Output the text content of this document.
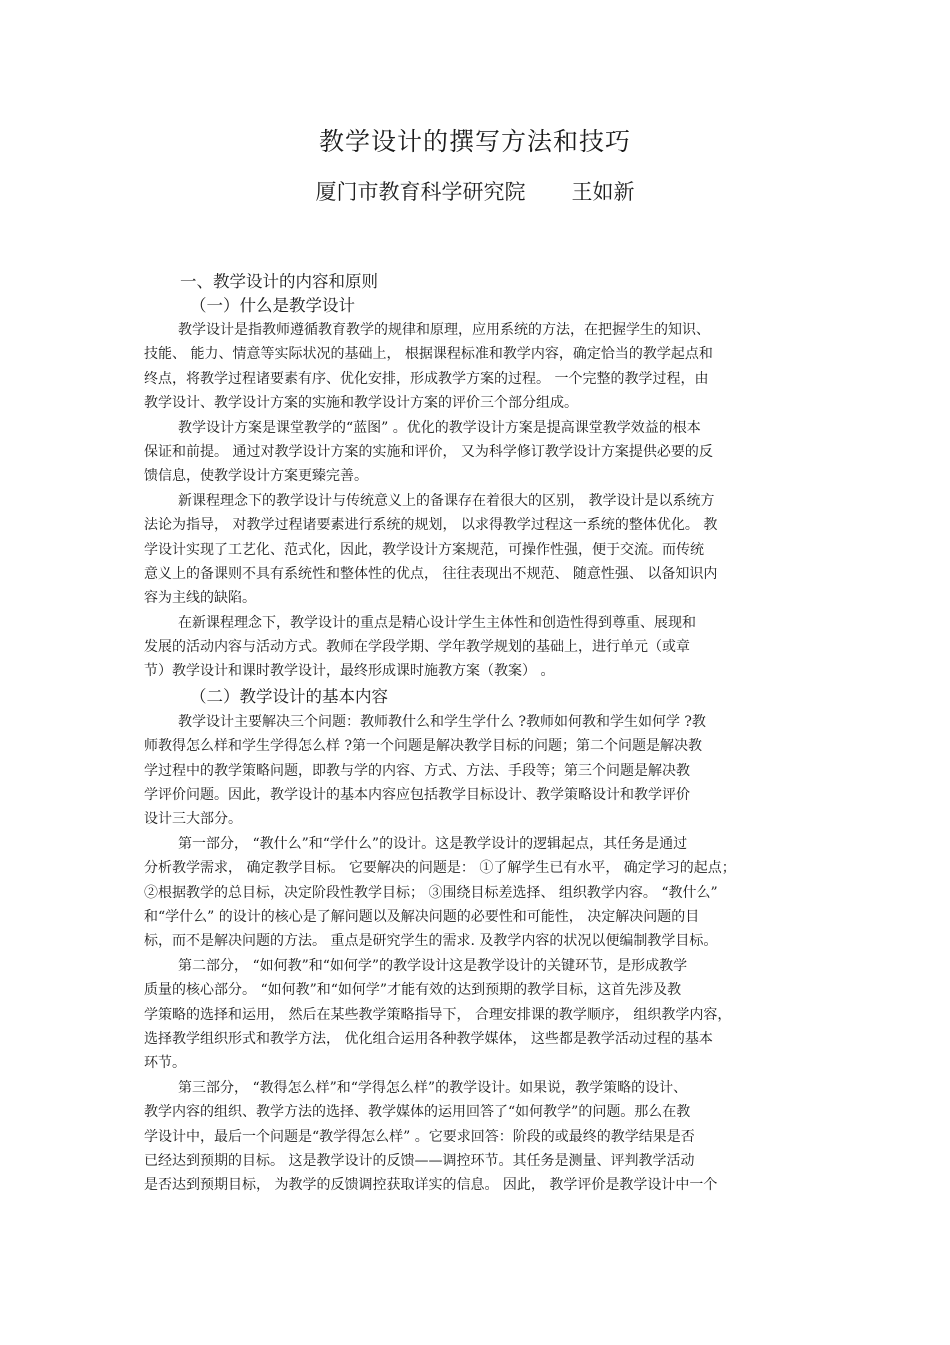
教学设计的撰写方法和技巧
厦门市教育科学研究院 王如新
一、教学设计的内容和原则
（一）什么是教学设计
教学设计是指教师遵循教育教学的规律和原理，应用系统的方法，在把握学生的知识、
技能、 能力、情意等实际状况的基础上， 根据课程标准和教学内容，确定恰当的教学起点和
终点，将教学过程诸要素有序、优化安排，形成教学方案的过程。 一个完整的教学过程，由
教学设计、教学设计方案的实施和教学设计方案的评价三个部分组成。
教学设计方案是课堂教学的“蓝图” 。优化的教学设计方案是提高课堂教学效益的根本
保证和前提。 通过对教学设计方案的实施和评价， 又为科学修订教学设计方案提供必要的反
馈信息，使教学设计方案更臻完善。
新课程理念下的教学设计与传统意义上的备课存在着很大的区别， 教学设计是以系统方
法论为指导， 对教学过程诸要素进行系统的规划， 以求得教学过程这一系统的整体优化。 教
学设计实现了工艺化、范式化，因此，教学设计方案规范，可操作性强，便于交流。而传统
意义上的备课则不具有系统性和整体性的优点， 往往表现出不规范、 随意性强、 以备知识内
容为主线的缺陷。
在新课程理念下，教学设计的重点是精心设计学生主体性和创造性得到尊重、展现和
发展的活动内容与活动方式。教师在学段学期、学年教学规划的基础上，进行单元（或章
节）教学设计和课时教学设计，最终形成课时施教方案（教案） 。
（二）教学设计的基本内容
教学设计主要解决三个问题：教师教什么和学生学什么 ?教师如何教和学生如何学 ?教
师教得怎么样和学生学得怎么样 ?第一个问题是解决教学目标的问题；第二个问题是解决教
学过程中的教学策略问题，即教与学的内容、方式、方法、手段等；第三个问题是解决教
学评价问题。因此，教学设计的基本内容应包括教学目标设计、教学策略设计和教学评价
设计三大部分。
第一部分， “教什么”和“学什么”的设计。这是教学设计的逻辑起点，其任务是通过
分析教学需求， 确定教学目标。 它要解决的问题是： ①了解学生已有水平， 确定学习的起点；
②根据教学的总目标，决定阶段性教学目标； ③围绕目标差选择、 组织教学内容。 “教什么”
和“学什么” 的设计的核心是了解问题以及解决问题的必要性和可能性， 决定解决问题的目
标，而不是解决问题的方法。 重点是研究学生的需求. 及教学内容的状况以便编制教学目标。
第二部分， “如何教”和“如何学”的教学设计这是教学设计的关键环节，是形成教学
质量的核心部分。 “如何教”和“如何学”才能有效的达到预期的教学目标，这首先涉及教
学策略的选择和运用， 然后在某些教学策略指导下， 合理安排课的教学顺序， 组织教学内容，
选择教学组织形式和教学方法， 优化组合运用各种教学媒体， 这些都是教学活动过程的基本
环节。
第三部分， “教得怎么样”和“学得怎么样”的教学设计。如果说，教学策略的设计、
教学内容的组织、教学方法的选择、教学媒体的运用回答了“如何教学”的问题。那么在教
学设计中，最后一个问题是“教学得怎么样” 。它要求回答：阶段的或最终的教学结果是否
已经达到预期的目标。 这是教学设计的反馈——调控环节。其任务是测量、评判教学活动
是否达到预期目标， 为教学的反馈调控获取详实的信息。 因此， 教学评价是教学设计中一个
